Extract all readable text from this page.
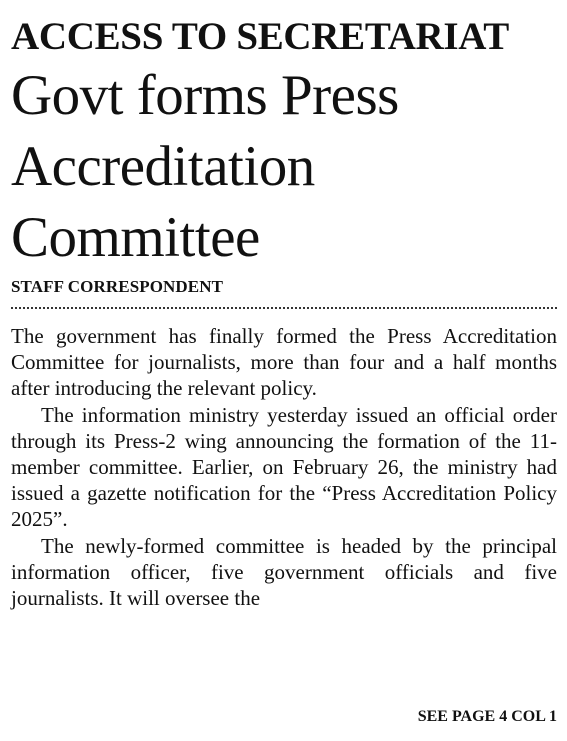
ACCESS TO SECRETARIAT
Govt forms Press
Accreditation
Committee
STAFF CORRESPONDENT

The government has finally formed the Press Accreditation Committee for journalists, more than four and a half months after introducing the relevant policy.

The information ministry yesterday issued an official order through its Press-2 wing announcing the formation of the 11-member committee. Earlier, on February 26, the ministry had issued a gazette notification for the “Press Accreditation Policy 2025”.

The newly-formed committee is headed by the principal information officer, five government officials and five journalists. It will oversee the

SEE PAGE 4 COL 1
